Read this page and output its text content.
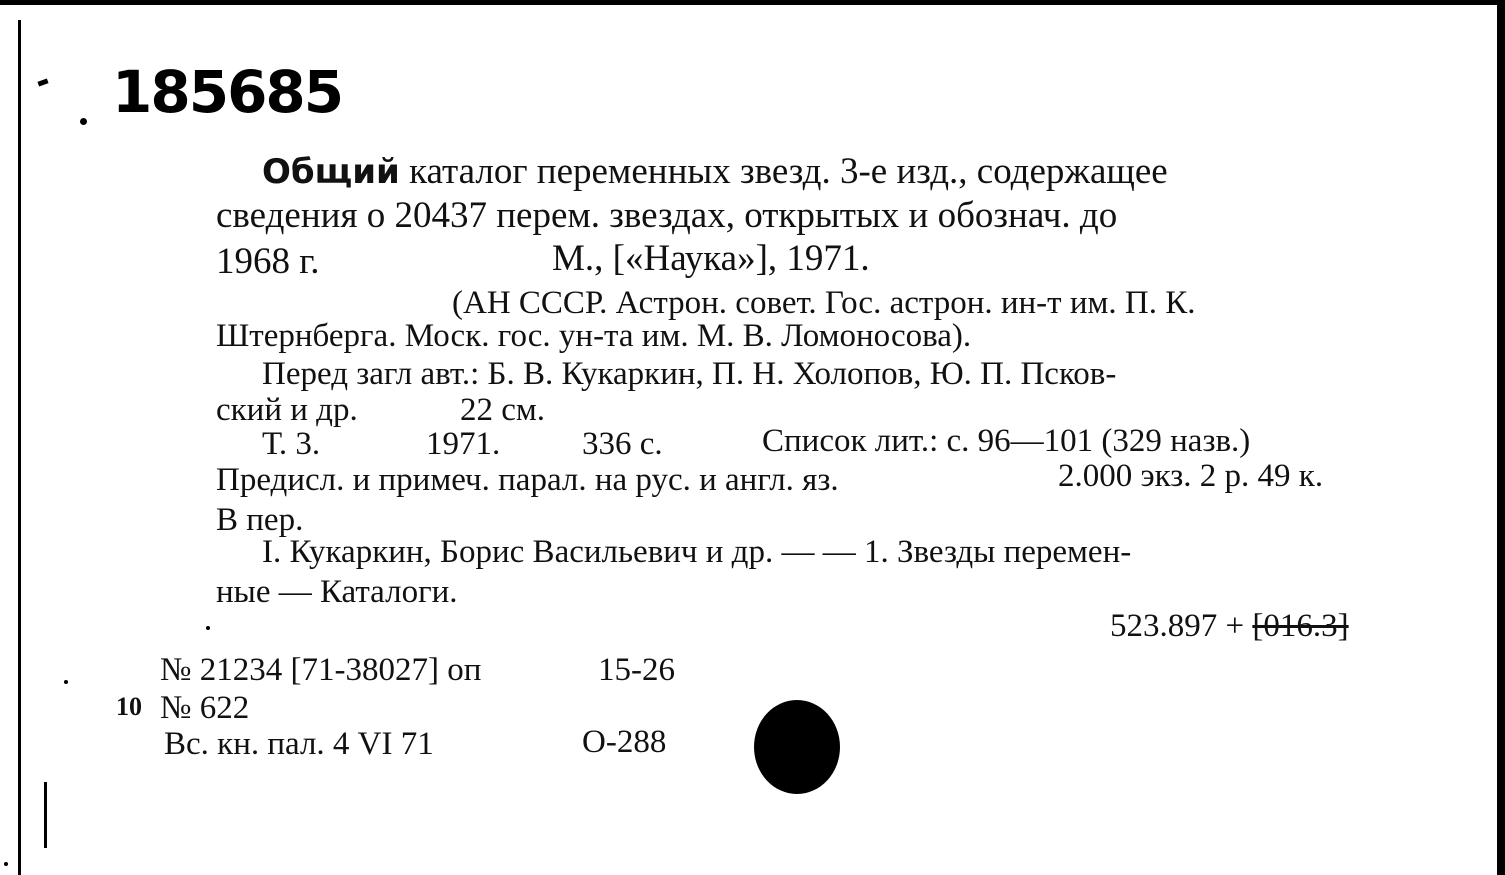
185685
Общий каталог переменных звезд. 3-е изд., содержащее
сведения о 20437 перем. звездах, открытых и обознач. до
1968 г.	М., [«Наука»], 1971.
(АН СССР. Астрон. совет. Гос. астрон. ин-т им. П. К.
Штернберга. Моск. гос. ун-та им. М. В. Ломоносова).
Перед загл авт.: Б. В. Кукаркин, П. Н. Холопов, Ю. П. Псков-
ский и др.	22 см.
Т. 3.	1971. 336 с.	Список лит.: с. 96—101 (329 назв.)
Предисл. и примеч. парал. на рус. и англ. яз.	2.000 экз. 2 р. 49 к.
В пер.
I. Кукаркин, Борис Васильевич и др. — — 1. Звезды перемен-
ные — Каталоги.
523.897 + [016.3]
№ 21234 [71-38027] оп	15-26
10 № 622
Вс. кн. пал. 4 VI 71	О-288
